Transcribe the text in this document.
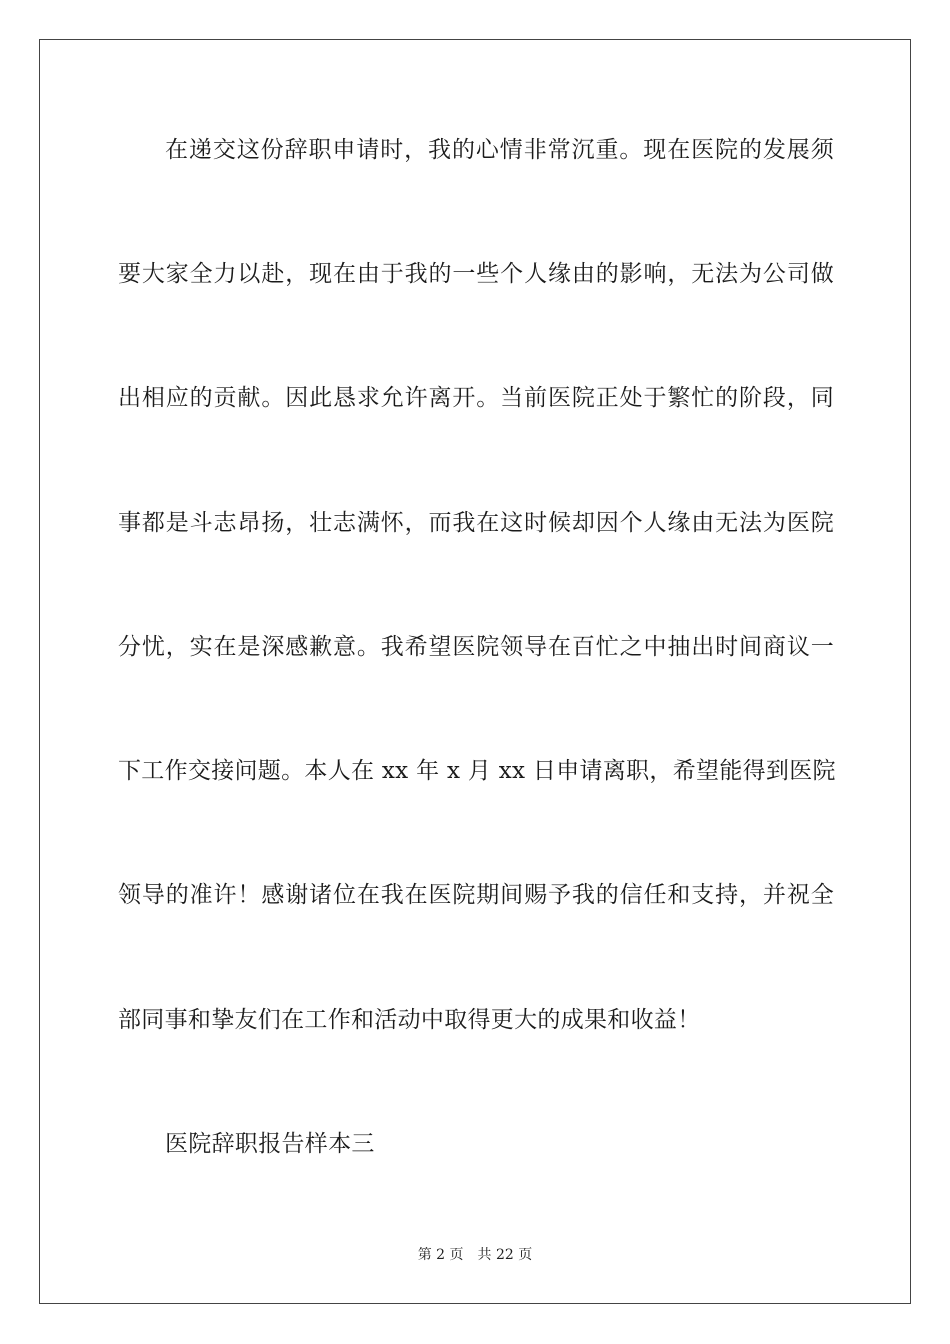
在递交这份辞职申请时，我的心情非常沉重。现在医院的发展须
要大家全力以赴，现在由于我的一些个人缘由的影响，无法为公司做
出相应的贡献。因此恳求允许离开。当前医院正处于繁忙的阶段，同
事都是斗志昂扬，壮志满怀，而我在这时候却因个人缘由无法为医院
分忧，实在是深感歉意。我希望医院领导在百忙之中抽出时间商议一
下工作交接问题。本人在 xx 年 x 月 xx 日申请离职，希望能得到医院
领导的准许！感谢诸位在我在医院期间赐予我的信任和支持，并祝全
部同事和挚友们在工作和活动中取得更大的成果和收益！
医院辞职报告样本三
第 2 页 共 22 页
